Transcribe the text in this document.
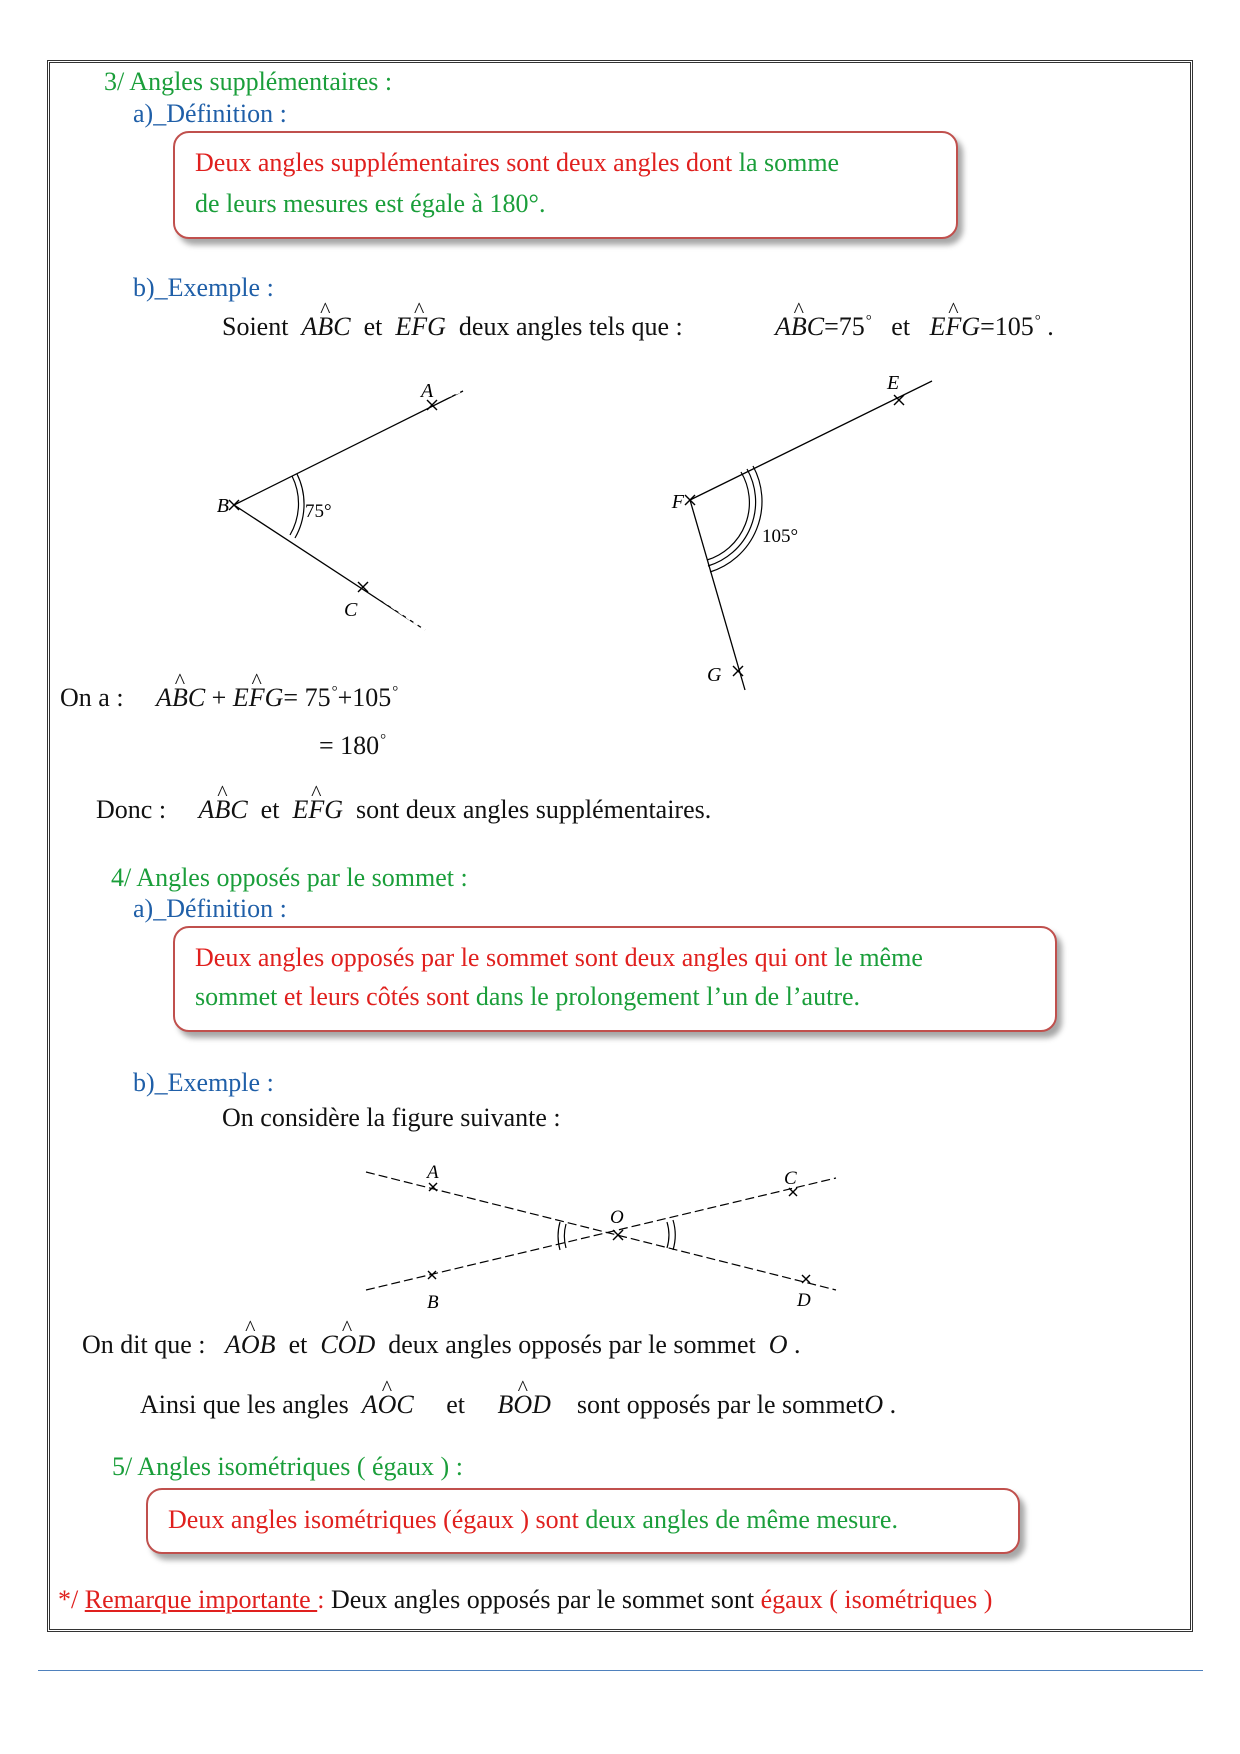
3/ Angles supplémentaires :
a)_Définition :
Deux angles supplémentaires sont deux angles dont la somme
de leurs mesures est égale à 180°.
b)_Exemple :
Soient A^ BC et E^ FG deux angles tels que :	A^ BC=75° et E^ FG=105° .
B	75°
A
C
F
105°
E
G
On a : A^ BC + E^ FG= 75°+105°
= 180°
Donc : A^ BC et E^ FG sont deux angles supplémentaires.
4/ Angles opposés par le sommet :
a)_Définition :
Deux angles opposés par le sommet sont deux angles qui ont le même
sommet et leurs côtés sont dans le prolongement l’un de l’autre.
b)_Exemple :
On considère la figure suivante :
A	C
O
B	D
On dit que : A^ OB et C^ OD deux angles opposés par le sommet O .
Ainsi que les angles A^ OC et B^ OD sont opposés par le sommetO .
5/ Angles isométriques ( égaux ) :
Deux angles isométriques (égaux ) sont deux angles de même mesure.
*/ Remarque importante : Deux angles opposés par le sommet sont égaux ( isométriques )
